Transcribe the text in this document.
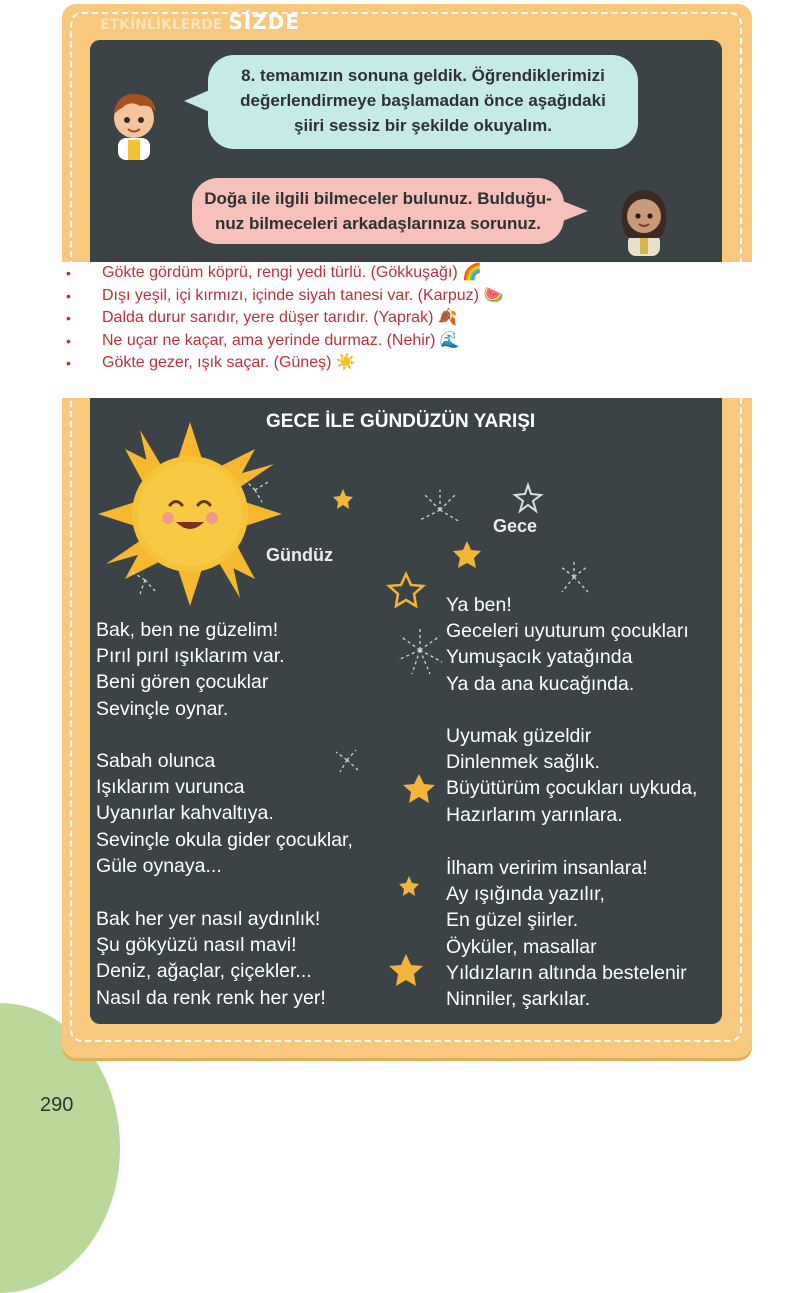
ETKİNLİKLERDE SİZDE
8. temamızın sonuna geldik. Öğrendiklerimizi
değerlendirmeye başlamadan önce aşağıdaki
şiiri sessiz bir şekilde okuyalım.
Doğa ile ilgili bilmeceler bulunuz. Bulduğu-
nuz bilmeceleri arkadaşlarınıza sorunuz.
• Gökte gördüm köprü, rengi yedi türlü. (Gökkuşağı) 🌈
• Dışı yeşil, içi kırmızı, içinde siyah tanesi var. (Karpuz) 🍉
• Dalda durur sarıdır, yere düşer tarıdır. (Yaprak) 🍂
• Ne uçar ne kaçar, ama yerinde durmaz. (Nehir) 🌊
• Gökte gezer, ışık saçar. (Güneş) ☀️
GECE İLE GÜNDÜZÜN YARIŞI
Gündüz
Gece
Bak, ben ne güzelim!
Pırıl pırıl ışıklarım var.
Beni gören çocuklar
Sevinçle oynar.
Sabah olunca
Işıklarım vurunca
Uyanırlar kahvaltıya.
Sevinçle okula gider çocuklar,
Güle oynaya...
Bak her yer nasıl aydınlık!
Şu gökyüzü nasıl mavi!
Deniz, ağaçlar, çiçekler...
Nasıl da renk renk her yer!
Ya ben!
Geceleri uyuturum çocukları
Yumuşacık yatağında
Ya da ana kucağında.
Uyumak güzeldir
Dinlenmek sağlık.
Büyütürüm çocukları uykuda,
Hazırlarım yarınlara.
İlham veririm insanlara!
Ay ışığında yazılır,
En güzel şiirler.
Öyküler, masallar
Yıldızların altında bestelenir
Ninniler, şarkılar.
290
